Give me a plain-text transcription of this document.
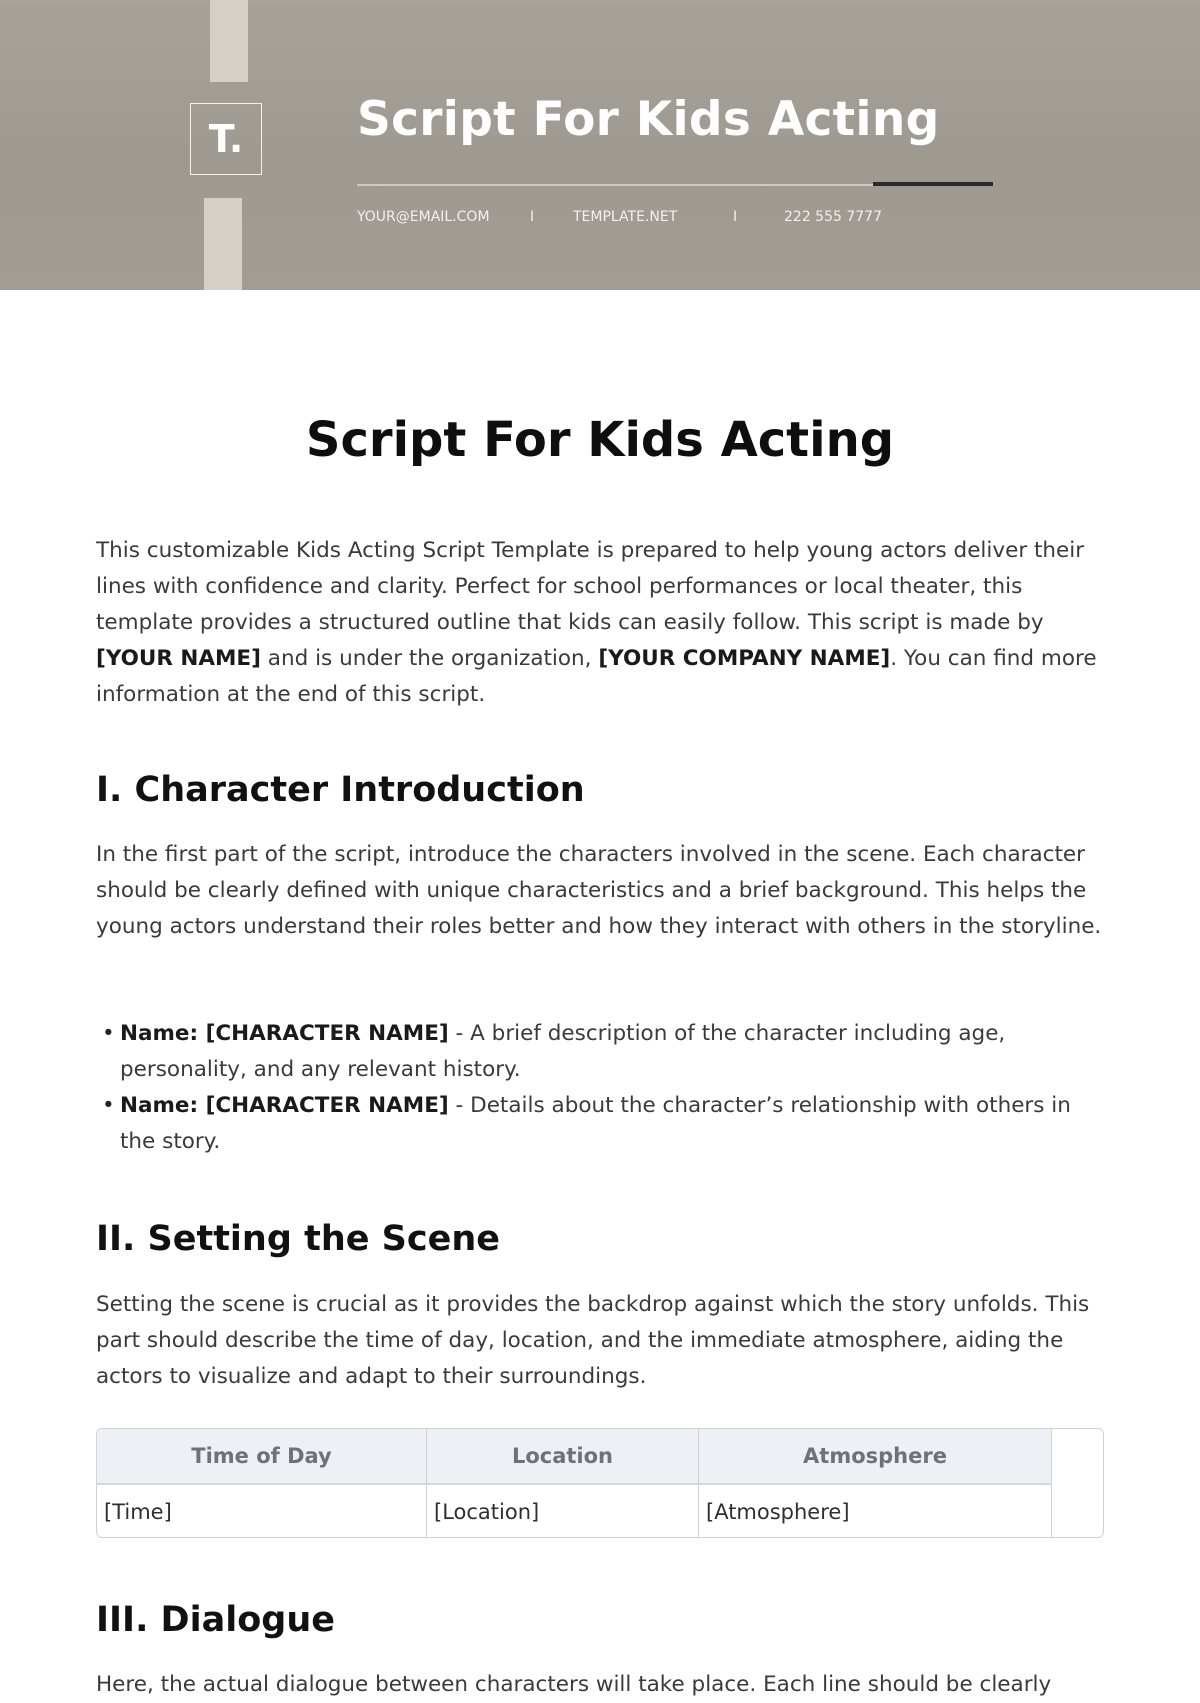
T. Script For Kids Acting
YOUR@EMAIL.COM	I	TEMPLATE.NET	I	222 555 7777
Script For Kids Acting

This customizable Kids Acting Script Template is prepared to help young actors deliver their lines with confidence and clarity. Perfect for school performances or local theater, this template provides a structured outline that kids can easily follow. This script is made by [YOUR NAME] and is under the organization, [YOUR COMPANY NAME]. You can find more information at the end of this script.

I. Character Introduction

In the first part of the script, introduce the characters involved in the scene. Each character should be clearly defined with unique characteristics and a brief background. This helps the young actors understand their roles better and how they interact with others in the storyline.

• Name: [CHARACTER NAME] - A brief description of the character including age, personality, and any relevant history.
• Name: [CHARACTER NAME] - Details about the character’s relationship with others in the story.
II. Setting the Scene

Setting the scene is crucial as it provides the backdrop against which the story unfolds. This part should describe the time of day, location, and the immediate atmosphere, aiding the actors to visualize and adapt to their surroundings.

Time of Day	Location	Atmosphere
[Time]	[Location]	[Atmosphere]
III. Dialogue

Here, the actual dialogue between characters will take place. Each line should be clearly
